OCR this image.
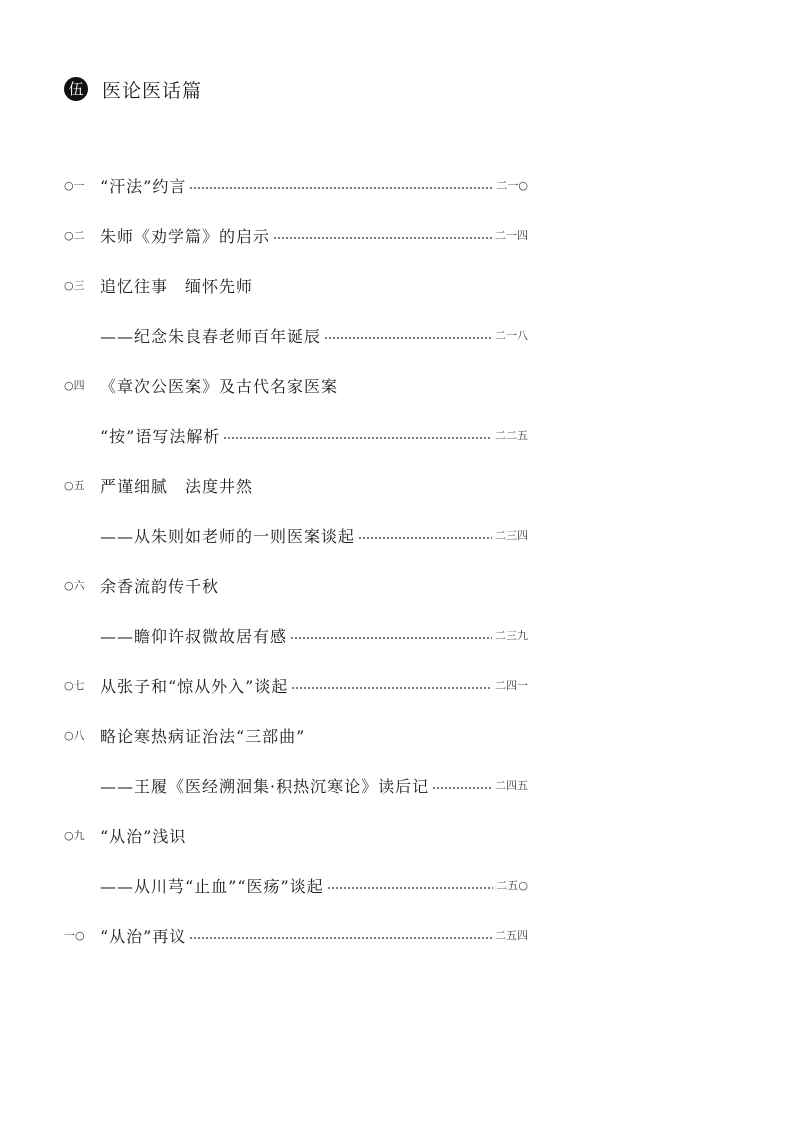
伍 医论医话篇
○一 “汗法”约言	二一○
○二 朱师《劝学篇》的启示	二一四
○三 追忆往事　缅怀先师
——纪念朱良春老师百年诞辰	二一八
○四 《章次公医案》及古代名家医案
“按”语写法解析	二二五
○五 严谨细腻　法度井然
——从朱则如老师的一则医案谈起	二三四
○六 余香流韵传千秋
——瞻仰许叔微故居有感	二三九
○七 从张子和“惊从外入”谈起	二四一
○八 略论寒热病证治法“三部曲”
——王履《医经溯洄集·积热沉寒论》读后记	二四五
○九 “从治”浅识
——从川芎“止血”“医疡”谈起	二五○
一○ “从治”再议	二五四
